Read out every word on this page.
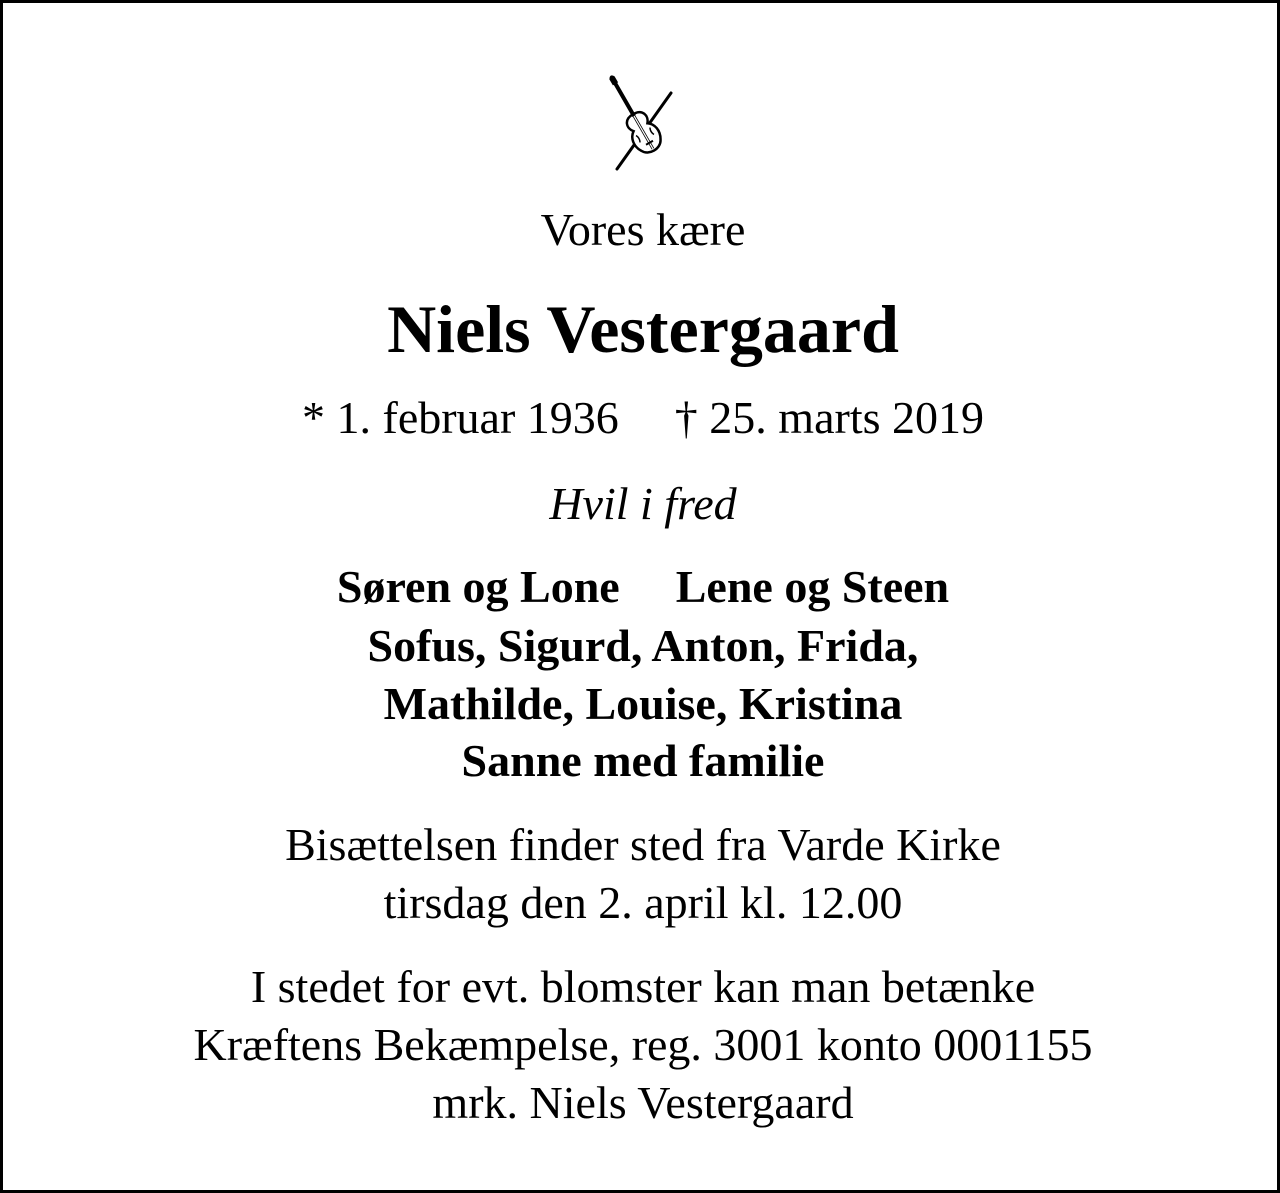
Vores kære
Niels Vestergaard
* 1. februar 1936 † 25. marts 2019
Hvil i fred
Søren og Lone Lene og Steen
Sofus, Sigurd, Anton, Frida,
Mathilde, Louise, Kristina
Sanne med familie
Bisættelsen finder sted fra Varde Kirke
tirsdag den 2. april kl. 12.00
I stedet for evt. blomster kan man betænke
Kræftens Bekæmpelse, reg. 3001 konto 0001155
mrk. Niels Vestergaard
